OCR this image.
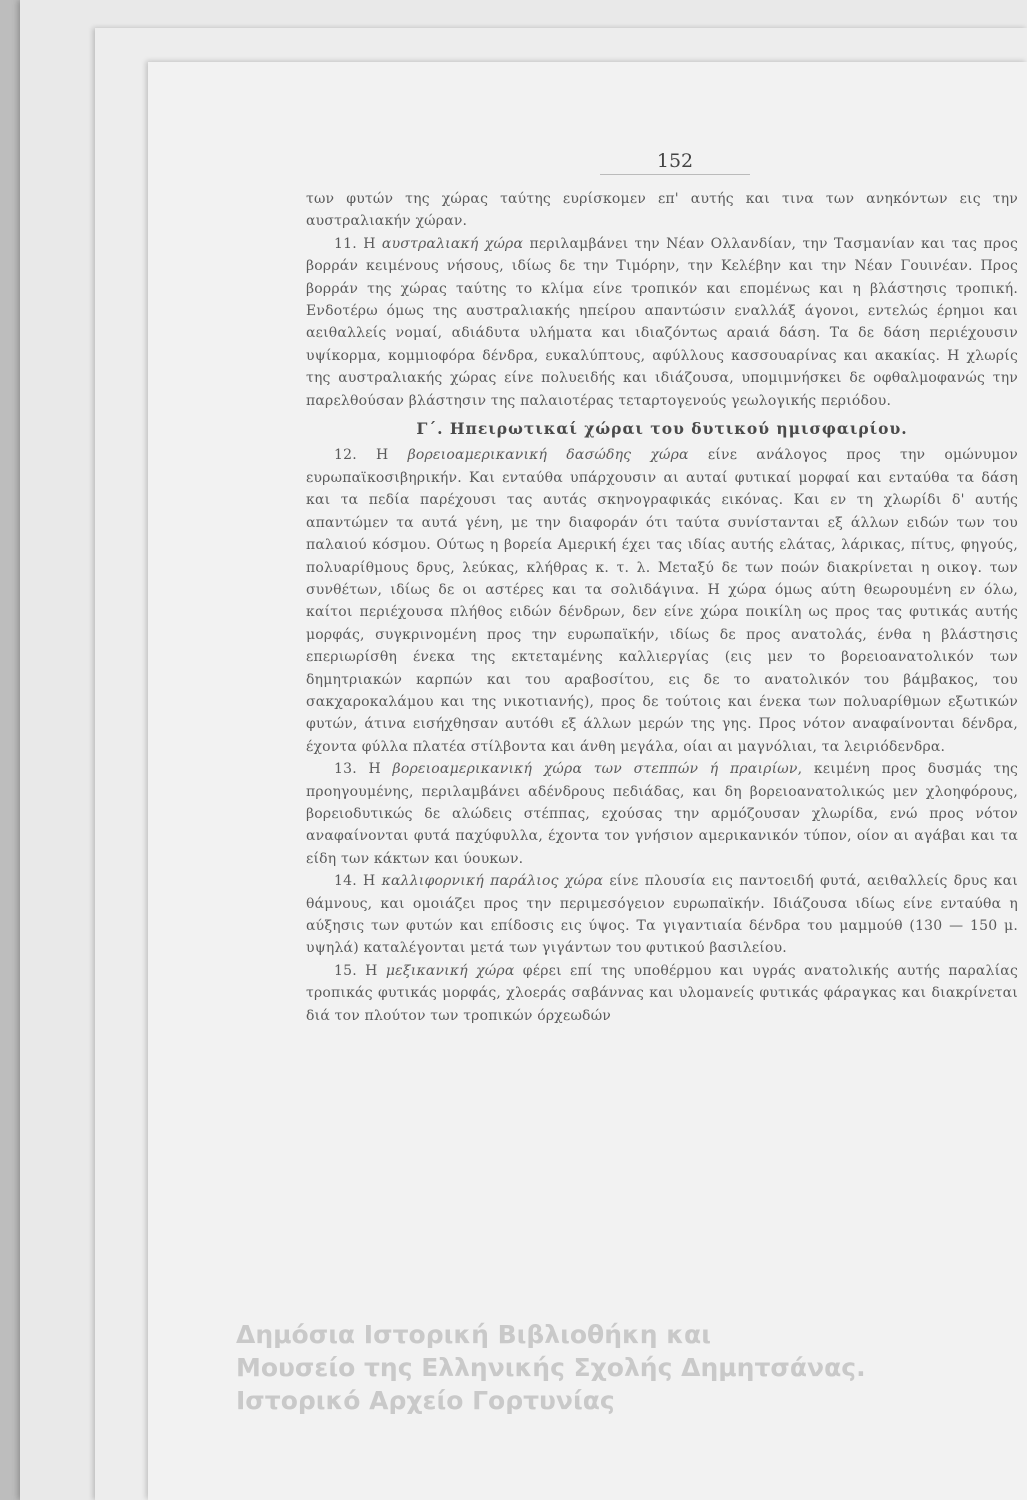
152

των φυτών της χώρας ταύτης ευρίσκομεν επ' αυτής και τινα των ανηκόντων εις την αυστραλιακήν χώραν.

11. Η αυστραλιακή χώρα περιλαμβάνει την Νέαν Ολλανδίαν, την Τασμανίαν και τας προς βορράν κειμένους νήσους, ιδίως δε την Τιμόρην, την Κελέβην και την Νέαν Γουινέαν. Προς βορράν της χώρας ταύτης το κλίμα είνε τροπικόν και επομένως και η βλάστησις τροπική. Ενδοτέρω όμως της αυστραλιακής ηπείρου απαντώσιν εναλλάξ άγονοι, εντελώς έρημοι και αειθαλλείς νομαί, αδιάδυτα υλήματα και ιδιαζόντως αραιά δάση. Τα δε δάση περιέχουσιν υψίκορμα, κομμιοφόρα δένδρα, ευκαλύπτους, αφύλλους κασσουαρίνας και ακακίας. Η χλωρίς της αυστραλιακής χώρας είνε πολυειδής και ιδιάζουσα, υπομιμνήσκει δε οφθαλμοφανώς την παρελθούσαν βλάστησιν της παλαιοτέρας τεταρτογενούς γεωλογικής περιόδου.

Γ΄. Ηπειρωτικαί χώραι του δυτικού ημισφαιρίου.

12. Η βορειοαμερικανική δασώδης χώρα είνε ανάλογος προς την ομώνυμον ευρωπαϊκοσιβηρικήν. Και ενταύθα υπάρχουσιν αι αυταί φυτικαί μορφαί και ενταύθα τα δάση και τα πεδία παρέχουσι τας αυτάς σκηνογραφικάς εικόνας. Και εν τη χλωρίδι δ' αυτής απαντώμεν τα αυτά γένη, με την διαφοράν ότι ταύτα συνίστανται εξ άλλων ειδών των του παλαιού κόσμου. Ούτως η βορεία Αμερική έχει τας ιδίας αυτής ελάτας, λάρικας, πίτυς, φηγούς, πολυαρίθμους δρυς, λεύκας, κλήθρας κ. τ. λ. Μεταξύ δε των ποών διακρίνεται η οικογ. των συνθέτων, ιδίως δε οι αστέρες και τα σολιδάγινα. Η χώρα όμως αύτη θεωρουμένη εν όλω, καίτοι περιέχουσα πλήθος ειδών δένδρων, δεν είνε χώρα ποικίλη ως προς τας φυτικάς αυτής μορφάς, συγκρινομένη προς την ευρωπαϊκήν, ιδίως δε προς ανατολάς, ένθα η βλάστησις επεριωρίσθη ένεκα της εκτεταμένης καλλιεργίας (εις μεν το βορειοανατολικόν των δημητριακών καρπών και του αραβοσίτου, εις δε το ανατολικόν του βάμβακος, του σακχαροκαλάμου και της νικοτιανής), προς δε τούτοις και ένεκα των πολυαρίθμων εξωτικών φυτών, άτινα εισήχθησαν αυτόθι εξ άλλων μερών της γης. Προς νότον αναφαίνονται δένδρα, έχοντα φύλλα πλατέα στίλβοντα και άνθη μεγάλα, οίαι αι μαγνόλιαι, τα λειριόδενδρα.

13. Η βορειοαμερικανική χώρα των στεππών ή πραιρίων, κειμένη προς δυσμάς της προηγουμένης, περιλαμβάνει αδένδρους πεδιάδας, και δη βορειοανατολικώς μεν χλοηφόρους, βορειοδυτικώς δε αλώδεις στέππας, εχούσας την αρμόζουσαν χλωρίδα, ενώ προς νότον αναφαίνονται φυτά παχύφυλλα, έχοντα τον γνήσιον αμερικανικόν τύπον, οίον αι αγάβαι και τα είδη των κάκτων και ύουκων.

14. Η καλλιφορνική παράλιος χώρα είνε πλουσία εις παντοειδή φυτά, αειθαλλείς δρυς και θάμνους, και ομοιάζει προς την περιμεσόγειον ευρωπαϊκήν. Ιδιάζουσα ιδίως είνε ενταύθα η αύξησις των φυτών και επίδοσις εις ύψος. Τα γιγαντιαία δένδρα του μαμμούθ (130 — 150 μ. υψηλά) καταλέγονται μετά των γιγάντων του φυτικού βασιλείου.

15. Η μεξικανική χώρα φέρει επί της υποθέρμου και υγράς ανατολικής αυτής παραλίας τροπικάς φυτικάς μορφάς, χλοεράς σαβάννας και υλομανείς φυτικάς φάραγκας και διακρίνεται διά τον πλούτον των τροπικών όρχεωδών

Δημόσια Ιστορική Βιβλιοθήκη και
Μουσείο της Ελληνικής Σχολής Δημητσάνας.
Ιστορικό Αρχείο Γορτυνίας
